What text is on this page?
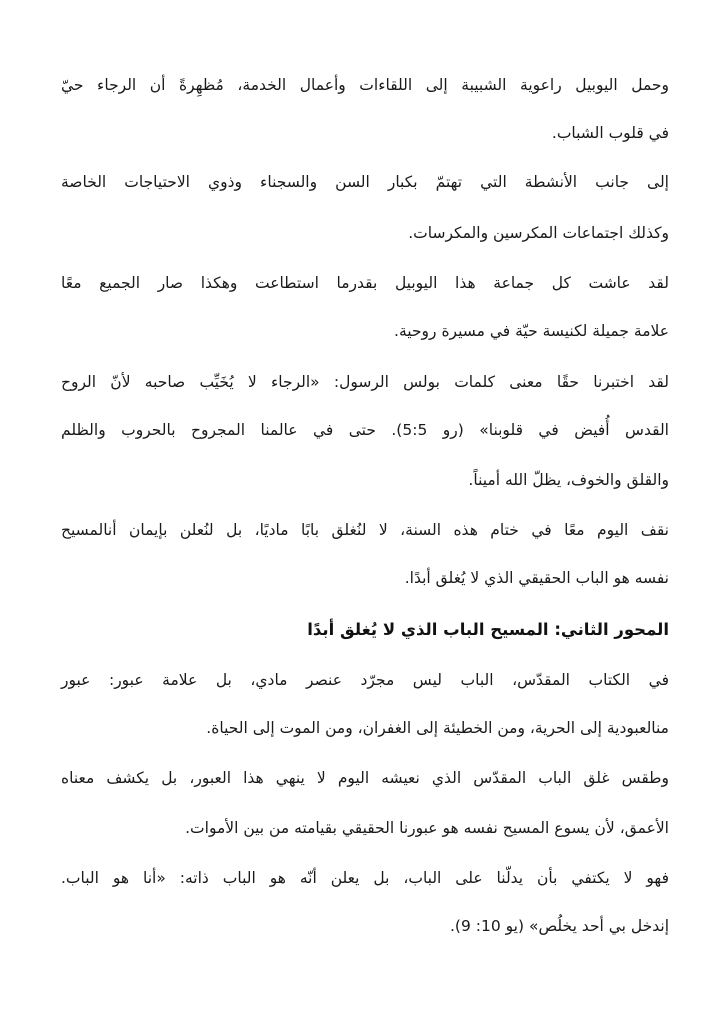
وحمل اليوبيل راعوية الشبيبة إلى اللقاءات وأعمال الخدمة، مُظهِرةً أن الرجاء حيّ
في قلوب الشباب.
إلى جانب الأنشطة التي تهتمّ بكبار السن والسجناء وذوي الاحتياجات الخاصة
وكذلك اجتماعات المكرسين والمكرسات.
لقد عاشت كل جماعة هذا اليوبيل بقدرما استطاعت وهكذا صار الجميع معًا
علامة جميلة لكنيسة حيّة في مسيرة روحية.
لقد اختبرنا حقًا معنى كلمات بولس الرسول: «الرجاء لا يُخَيِّب صاحبه لأنّ الروح
القدس أُفيض في قلوبنا» (رو 5:5). حتى في عالمنا المجروح بالحروب والظلم
والقلق والخوف، يظلّ الله أميناً.
نقف اليوم معًا في ختام هذه السنة، لا لنُغلق بابًا ماديًا، بل لنُعلن بإيمان أنالمسيح
نفسه هو الباب الحقيقي الذي لا يُغلق أبدًا.
المحور الثاني: المسيح الباب الذي لا يُغلق أبدًا
في الكتاب المقدّس، الباب ليس مجرّد عنصر مادي، بل علامة عبور: عبور
منالعبودية إلى الحرية، ومن الخطيئة إلى الغفران، ومن الموت إلى الحياة.
وطقس غلق الباب المقدّس الذي نعيشه اليوم لا ينهي هذا العبور، بل يكشف معناه
الأعمق، لأن يسوع المسيح نفسه هو عبورنا الحقيقي بقيامته من بين الأموات.
فهو لا يكتفي بأن يدلّنا على الباب، بل يعلن أنّه هو الباب ذاته: «أنا هو الباب.
إندخل بي أحد يخلُص» (يو 10: 9).
